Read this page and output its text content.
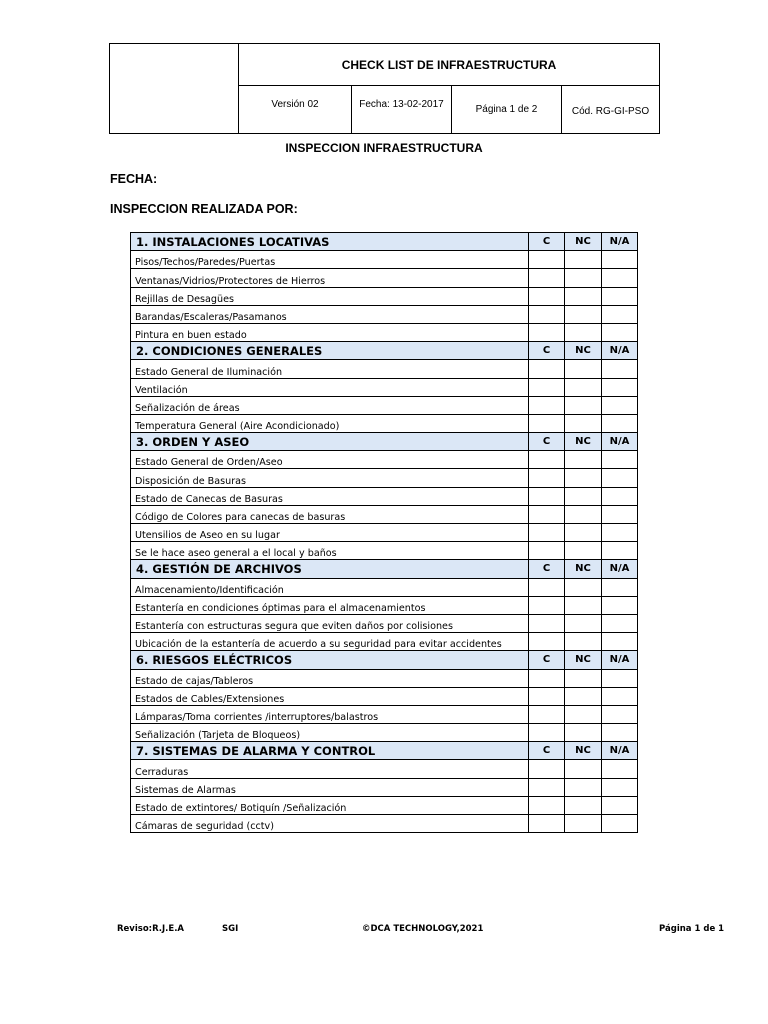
	CHECK LIST DE INFRAESTRUCTURA			
	Versión 02	Fecha: 13-02-2017	Página 1 de 2	Cód. RG-GI-PSO
INSPECCION INFRAESTRUCTURA
FECHA:
INSPECCION REALIZADA POR:
1. INSTALACIONES LOCATIVAS	C	NC	N/A
Pisos/Techos/Paredes/Puertas			
Ventanas/Vidrios/Protectores de Hierros			
Rejillas de Desagües			
Barandas/Escaleras/Pasamanos			
Pintura en buen estado			
2. CONDICIONES GENERALES	C	NC	N/A
Estado General de Iluminación			
Ventilación			
Señalización de áreas			
Temperatura General (Aire Acondicionado)			
3. ORDEN Y ASEO	C	NC	N/A
Estado General de Orden/Aseo			
Disposición de Basuras			
Estado de Canecas de Basuras			
Código de Colores para canecas de basuras			
Utensilios de Aseo en su lugar			
Se le hace aseo general a el local y baños			
4. GESTIÓN DE ARCHIVOS	C	NC	N/A
Almacenamiento/Identificación			
Estantería en condiciones óptimas para el almacenamientos			
Estantería con estructuras segura que eviten daños por colisiones			
Ubicación de la estantería de acuerdo a su seguridad para evitar accidentes			
6. RIESGOS ELÉCTRICOS	C	NC	N/A
Estado de cajas/Tableros			
Estados de Cables/Extensiones			
Lámparas/Toma corrientes /interruptores/balastros			
Señalización (Tarjeta de Bloqueos)			
7. SISTEMAS DE ALARMA Y CONTROL	C	NC	N/A
Cerraduras			
Sistemas de Alarmas			
Estado de extintores/ Botiquín /Señalización			
Cámaras de seguridad (cctv)			
Reviso:R.J.E.A	SGI	©DCA TECHNOLOGY,2021	Página 1 de 1
